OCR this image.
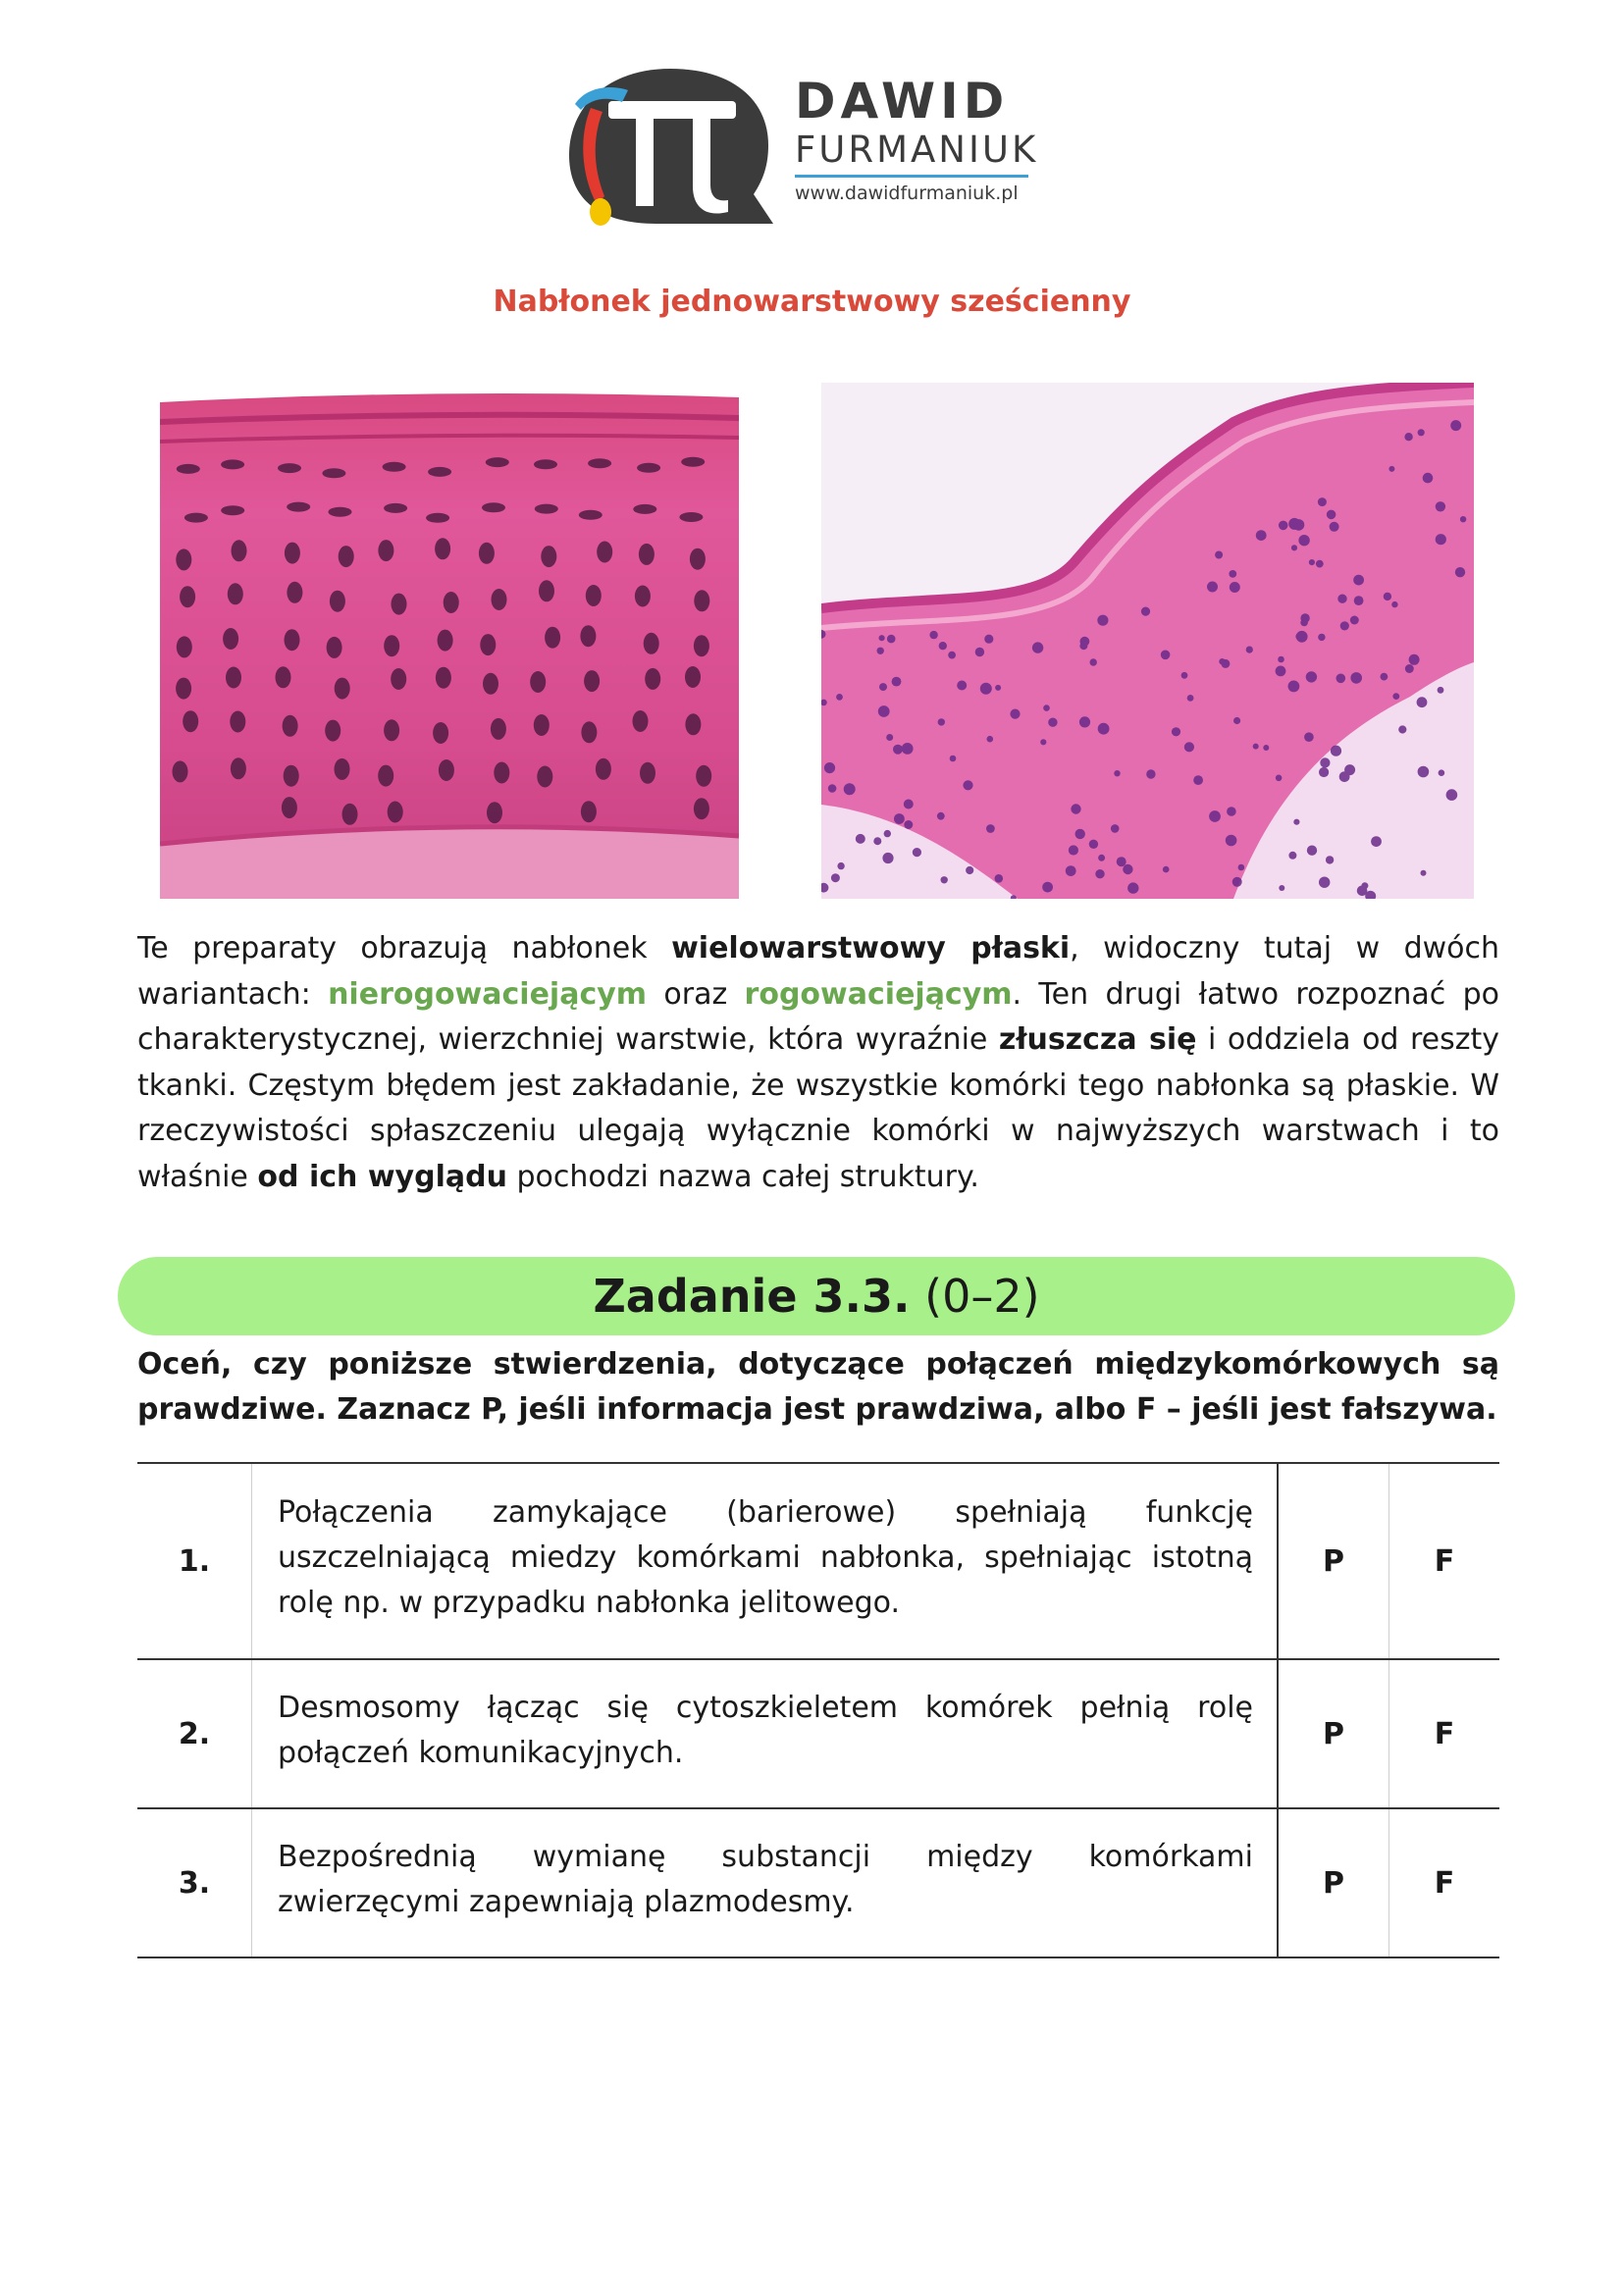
DAWID
FURMANIUK
www.dawidfurmaniuk.pl
Nabłonek jednowarstwowy sześcienny
Te preparaty obrazują nabłonek wielowarstwowy płaski, widoczny tutaj w dwóch wariantach: nierogowaciejącym oraz rogowaciejącym. Ten drugi łatwo rozpoznać po charakterystycznej, wierzchniej warstwie, która wyraźnie złuszcza się i oddziela od reszty tkanki. Częstym błędem jest zakładanie, że wszystkie komórki tego nabłonka są płaskie. W rzeczywistości spłaszczeniu ulegają wyłącznie komórki w najwyższych warstwach i to właśnie od ich wyglądu pochodzi nazwa całej struktury.
Zadanie 3.3. (0–2)
Oceń, czy poniższe stwierdzenia, dotyczące połączeń międzykomórkowych są prawdziwe. Zaznacz P, jeśli informacja jest prawdziwa, albo F – jeśli jest fałszywa.
1.	Połączenia zamykające (barierowe) spełniają funkcję uszczelniającą miedzy komórkami nabłonka, spełniając istotną rolę np. w przypadku nabłonka jelitowego.	P	F
2.	Desmosomy łącząc się cytoszkieletem komórek pełnią rolę połączeń komunikacyjnych.	P	F
3.	Bezpośrednią wymianę substancji między komórkami zwierzęcymi zapewniają plazmodesmy.	P	F
